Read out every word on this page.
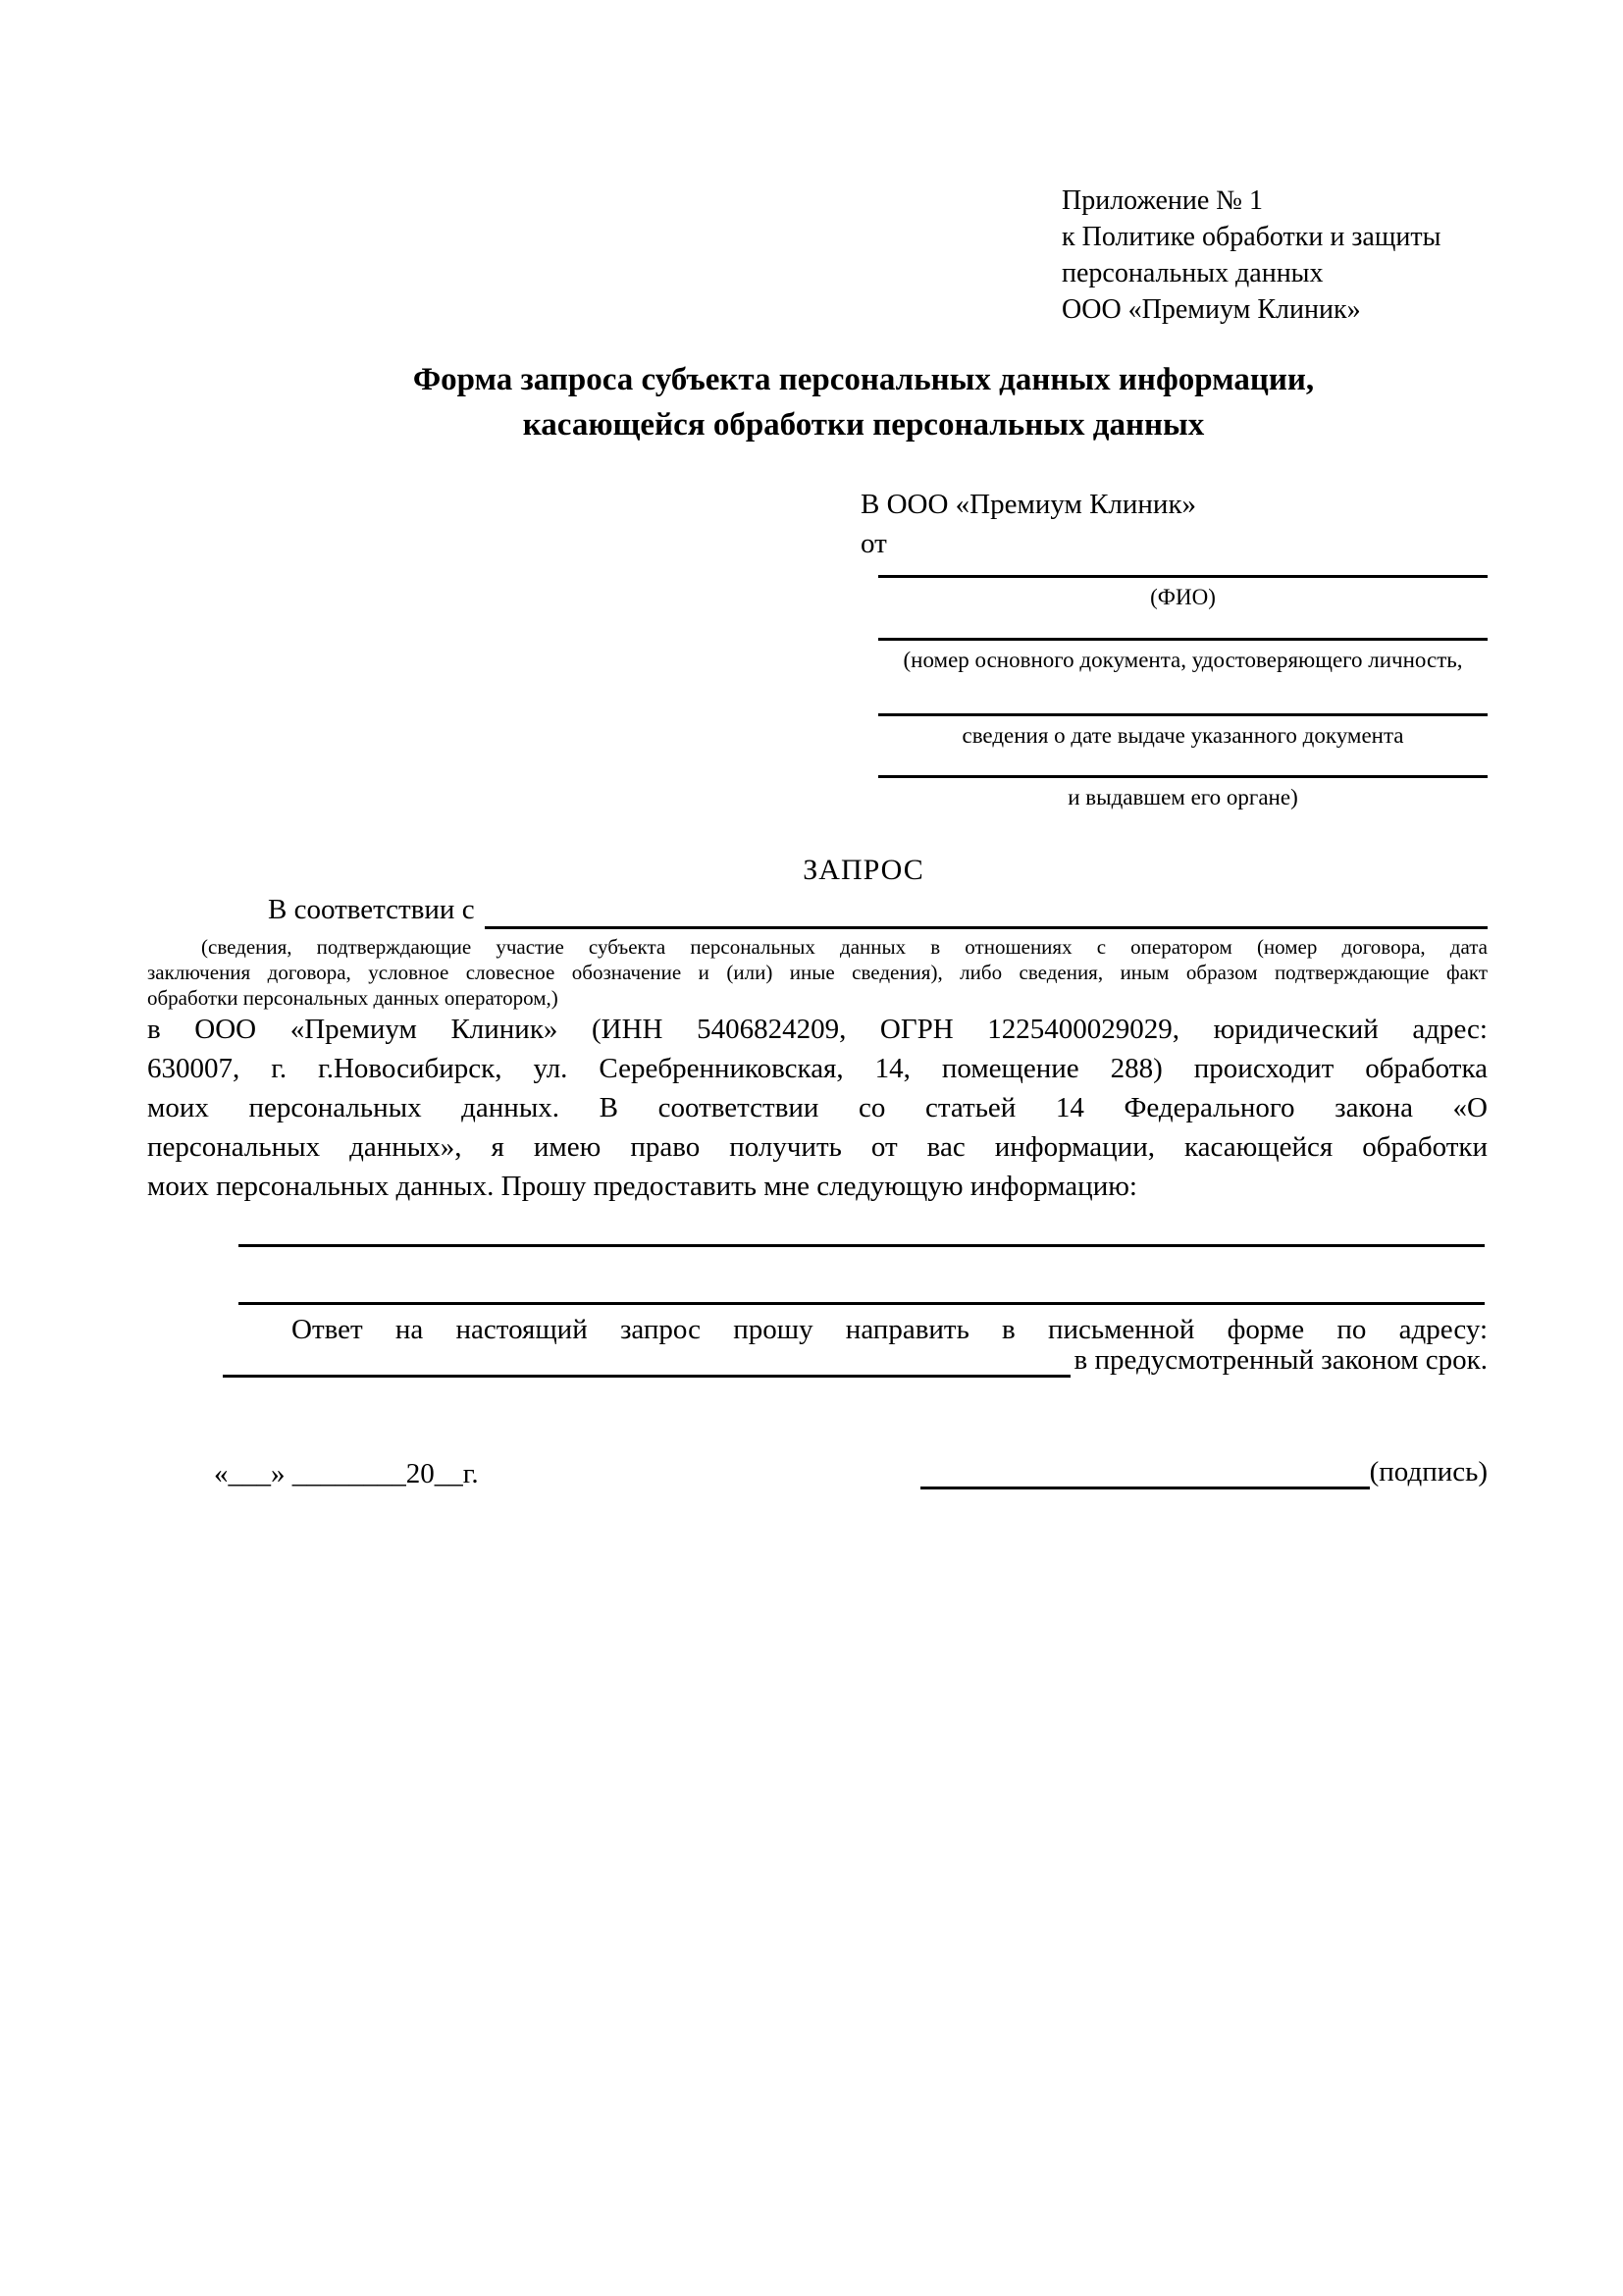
Приложение № 1
к Политике обработки и защиты
персональных данных
ООО «Премиум Клиник»
Форма запроса субъекта персональных данных информации,
касающейся обработки персональных данных
В ООО «Премиум Клиник»
от
(ФИО)
(номер основного документа, удостоверяющего личность,
сведения о дате выдаче указанного документа
и выдавшем его органе)
ЗАПРОС
В соответствии с
(сведения, подтверждающие участие субъекта персональных данных в отношениях с оператором (номер договора, дата
заключения договора, условное словесное обозначение и (или) иные сведения), либо сведения, иным образом подтверждающие факт
обработки персональных данных оператором,)
в ООО «Премиум Клиник» (ИНН 5406824209, ОГРН 1225400029029, юридический адрес:
630007, г. г.Новосибирск, ул. Серебренниковская, 14, помещение 288) происходит обработка
моих персональных данных. В соответствии со статьей 14 Федерального закона «О
персональных данных», я имею право получить от вас информации, касающейся обработки
моих персональных данных. Прошу предоставить мне следующую информацию:
Ответ на настоящий запрос прошу направить в письменной форме по адресу:
в предусмотренный законом срок.
«___» ________20__г.	(подпись)
